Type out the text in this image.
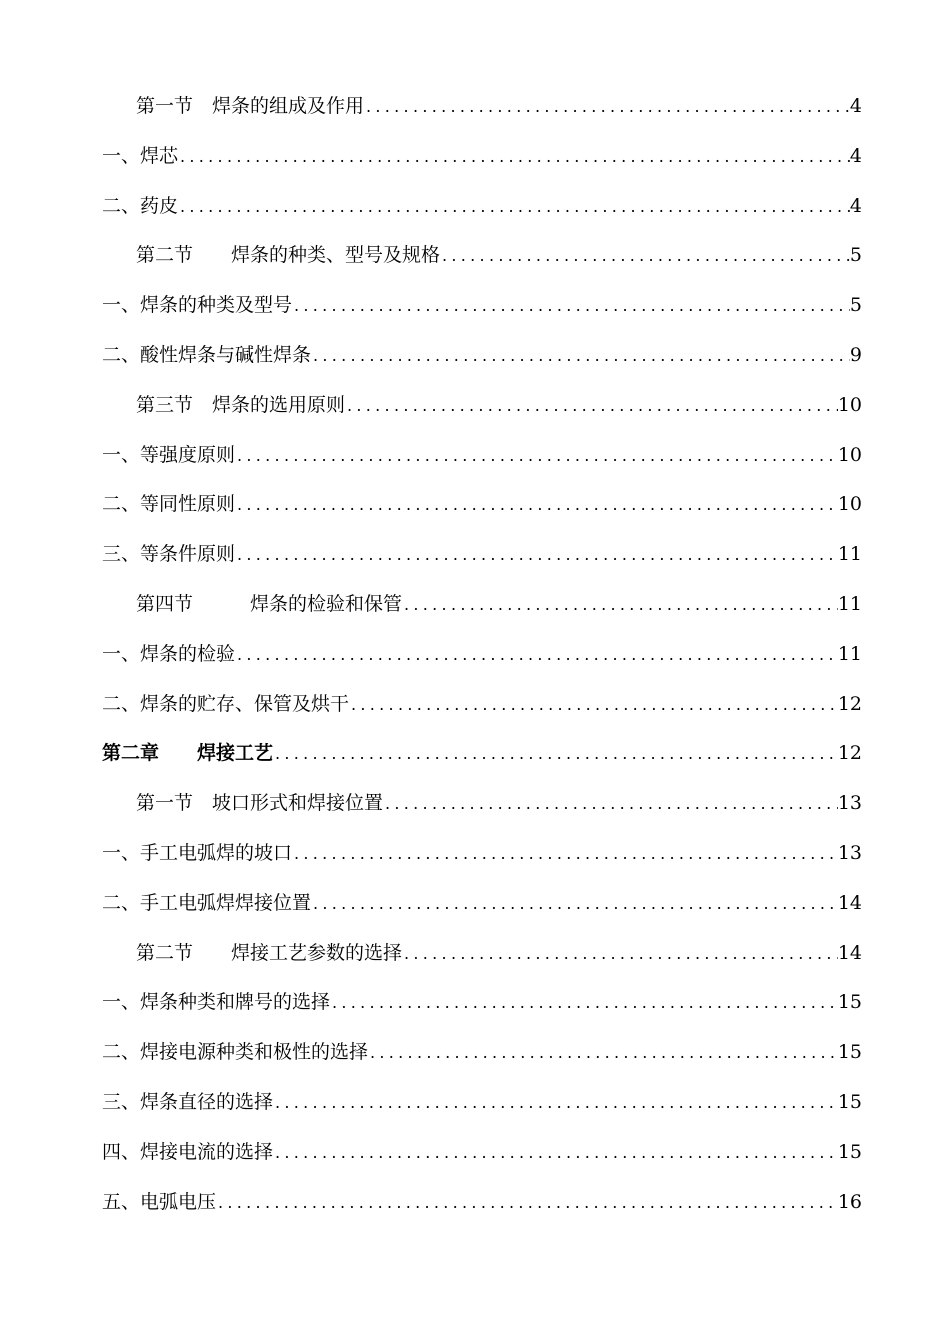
第一节　焊条的组成及作用 .....	4
一、焊芯 .....	4
二、药皮 .....	4
第二节　　焊条的种类、型号及规格 .....	5
一、焊条的种类及型号 .....	5
二、酸性焊条与碱性焊条 .....	9
第三节　焊条的选用原则 .....	10
一、等强度原则 .....	10
二、等同性原则 .....	10
三、等条件原则 .....	11
第四节　　　焊条的检验和保管 .....	11
一、焊条的检验 .....	11
二、焊条的贮存、保管及烘干 .....	12
第二章　　焊接工艺 .....	12
第一节　坡口形式和焊接位置 .....	13
一、手工电弧焊的坡口 .....	13
二、手工电弧焊焊接位置 .....	14
第二节　　焊接工艺参数的选择 .....	14
一、焊条种类和牌号的选择 .....	15
二、焊接电源种类和极性的选择 .....	15
三、焊条直径的选择 .....	15
四、焊接电流的选择 .....	15
五、电弧电压 .....	16
